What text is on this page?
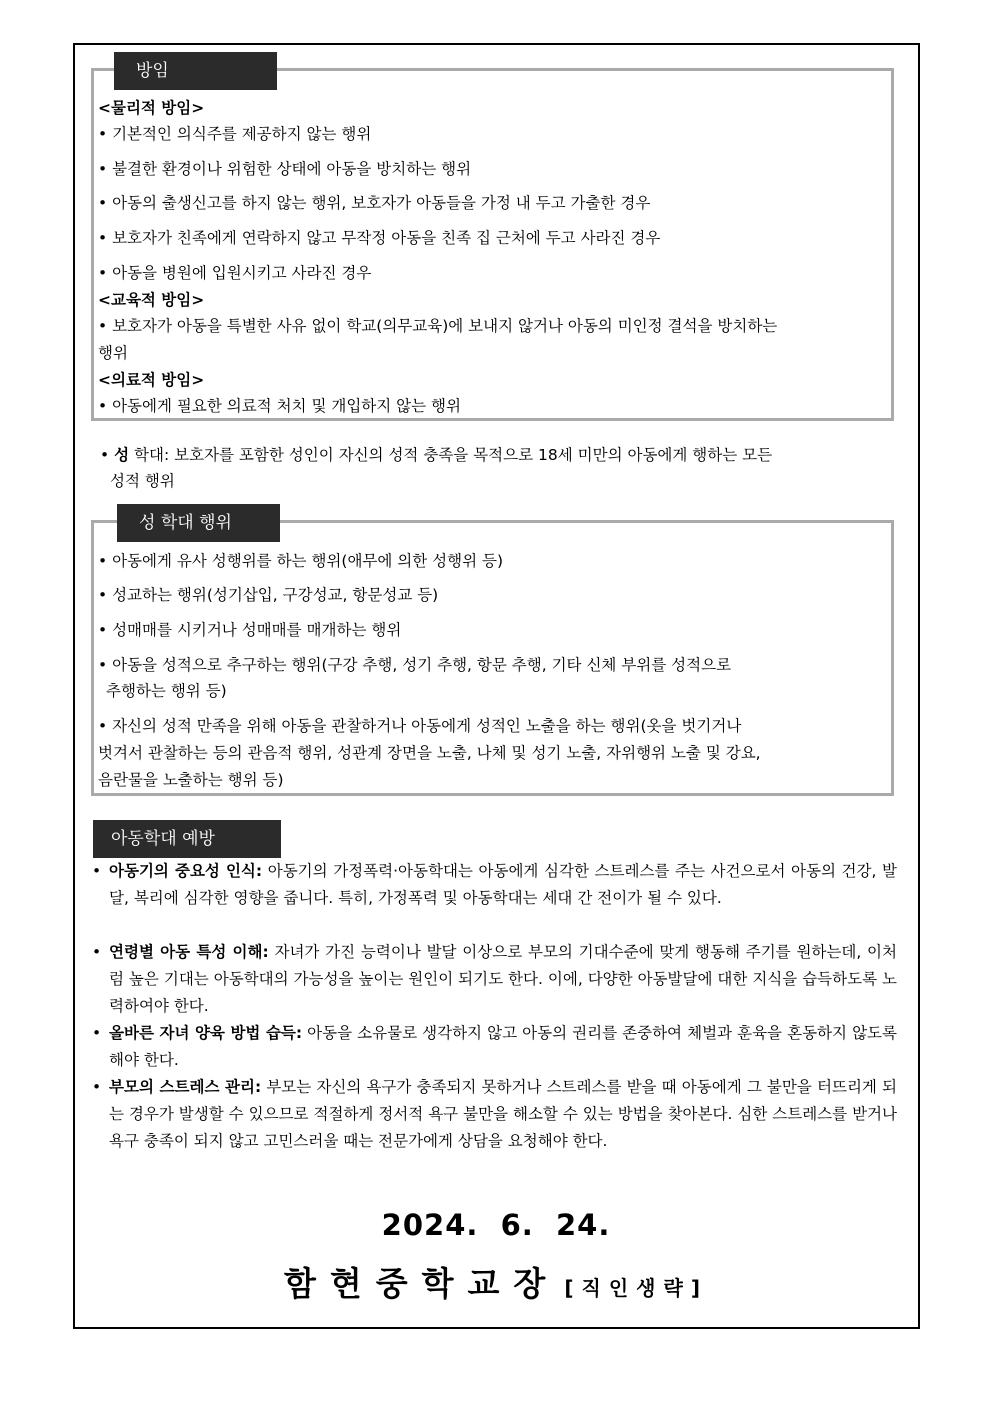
방임
<물리적 방임>
• 기본적인 의식주를 제공하지 않는 행위
• 불결한 환경이나 위험한 상태에 아동을 방치하는 행위
• 아동의 출생신고를 하지 않는 행위, 보호자가 아동들을 가정 내 두고 가출한 경우
• 보호자가 친족에게 연락하지 않고 무작정 아동을 친족 집 근처에 두고 사라진 경우
• 아동을 병원에 입원시키고 사라진 경우
<교육적 방임>
• 보호자가 아동을 특별한 사유 없이 학교(의무교육)에 보내지 않거나 아동의 미인정 결석을 방치하는
행위
<의료적 방임>
• 아동에게 필요한 의료적 처치 및 개입하지 않는 행위
• 성 학대: 보호자를 포함한 성인이 자신의 성적 충족을 목적으로 18세 미만의 아동에게 행하는 모든
성적 행위
성 학대 행위
• 아동에게 유사 성행위를 하는 행위(애무에 의한 성행위 등)
• 성교하는 행위(성기삽입, 구강성교, 항문성교 등)
• 성매매를 시키거나 성매매를 매개하는 행위
• 아동을 성적으로 추구하는 행위(구강 추행, 성기 추행, 항문 추행, 기타 신체 부위를 성적으로
추행하는 행위 등)
• 자신의 성적 만족을 위해 아동을 관찰하거나 아동에게 성적인 노출을 하는 행위(옷을 벗기거나
벗겨서 관찰하는 등의 관음적 행위, 성관계 장면을 노출, 나체 및 성기 노출, 자위행위 노출 및 강요,
음란물을 노출하는 행위 등)
아동학대 예방
• 아동기의 중요성 인식: 아동기의 가정폭력·아동학대는 아동에게 심각한 스트레스를 주는 사건으로서 아동의 건강, 발달, 복리에 심각한 영향을 줍니다. 특히, 가정폭력 및 아동학대는 세대 간 전이가 될 수 있다.
• 연령별 아동 특성 이해: 자녀가 가진 능력이나 발달 이상으로 부모의 기대수준에 맞게 행동해 주기를 원하는데, 이처럼 높은 기대는 아동학대의 가능성을 높이는 원인이 되기도 한다. 이에, 다양한 아동발달에 대한 지식을 습득하도록 노력하여야 한다.
• 올바른 자녀 양육 방법 습득: 아동을 소유물로 생각하지 않고 아동의 권리를 존중하여 체벌과 훈육을 혼동하지 않도록 해야 한다.
• 부모의 스트레스 관리: 부모는 자신의 욕구가 충족되지 못하거나 스트레스를 받을 때 아동에게 그 불만을 터뜨리게 되는 경우가 발생할 수 있으므로 적절하게 정서적 욕구 불만을 해소할 수 있는 방법을 찾아본다. 심한 스트레스를 받거나 욕구 충족이 되지 않고 고민스러울 때는 전문가에게 상담을 요청해야 한다.
2024.  6.  24.
함현중학교장 [직인생략]
